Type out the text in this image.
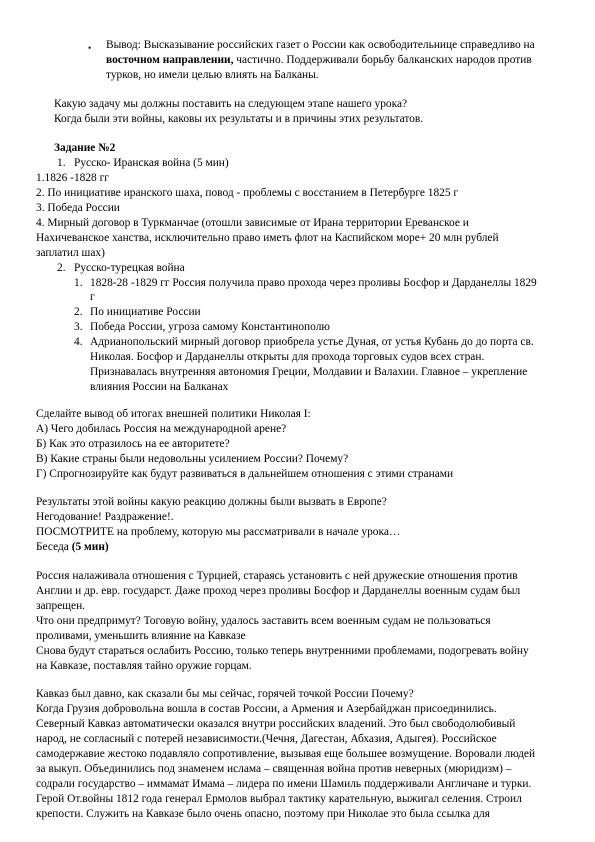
• Вывод: Высказывание российских газет о России как освободительнице справедливо на
восточном направлении, частично. Поддерживали борьбу балканских народов против
турков, но имели целью влиять на Балканы.
Какую задачу мы должны поставить на следующем этапе нашего урока?
Когда были эти войны, каковы их результаты и в причины этих результатов.
Задание №2
1. Русско- Иранская война (5 мин)
1.1826 -1828 гг
2. По инициативе иранского шаха, повод - проблемы с восстанием в Петербурге 1825 г
3. Победа России
4. Мирный договор в Туркманчае (отошли зависимые от Ирана территории Ереванское и
Нахичеванское ханства, исключительно право иметь флот на Каспийском море+ 20 млн рублей
заплатил шах)
2. Русско-турецкая война
1. 1828-28 -1829 гг Россия получила право прохода через проливы Босфор и Дарданеллы 1829
г
2. По инициативе России
3. Победа России, угроза самому Константинополю
4. Адрианопольский мирный договор приобрела устье Дуная, от устья Кубань до до порта св.
Николая. Босфор и Дарданеллы открыты для прохода торговых судов всех стран.
Признавалась внутренняя автономия Греции, Молдавии и Валахии. Главное – укрепление
влияния России на Балканах
Сделайте вывод об итогах внешней политики Николая I:
А) Чего добилась Россия на международной арене?
Б) Как это отразилось на ее авторитете?
В) Какие страны были недовольны усилением России? Почему?
Г) Спрогнозируйте как будут развиваться в дальнейшем отношения с этими странами
Результаты этой войны какую реакцию должны были вызвать в Европе?
Негодование! Раздражение!.
ПОСМОТРИТЕ на проблему, которую мы рассматривали в начале урока…
Беседа (5 мин)
Россия налаживала отношения с Турцией, стараясь установить с ней дружеские отношения против
Англии и др. евр. государст. Даже проход через проливы Босфор и Дарданеллы военным судам был
запрещен.
Что они предпримут? Тоговую войну, удалось заставить всем военным судам не пользоваться
проливами, уменьшить влияние на Кавказе
Снова будут стараться ослабить Россию, только теперь внутренними проблемами, подогревать войну
на Кавказе, поставляя тайно оружие горцам.
Кавказ был давно, как сказали бы мы сейчас, горячей точкой России Почему?
Когда Грузия добровольна вошла в состав России, а Армения и Азербайджан присоединились.
Северный Кавказ автоматически оказался внутри российских владений. Это был свободолюбивый
народ, не согласный с потерей независимости.(Чечня, Дагестан, Абхазия, Адыгея). Российское
самодержавие жестоко подавляло сопротивление, вызывая еще большее возмущение. Воровали людей
за выкуп. Объединились под знаменем ислама – священная война против неверных (мюридизм) –
содрали государство – иммамат Имама – лидера по имени Шамиль поддерживали Англичане и турки.
Герой От.войны 1812 года генерал Ермолов выбрал тактику карательную, выжигал селения. Строил
крепости. Служить на Кавказе было очень опасно, поэтому при Николае это была ссылка для
